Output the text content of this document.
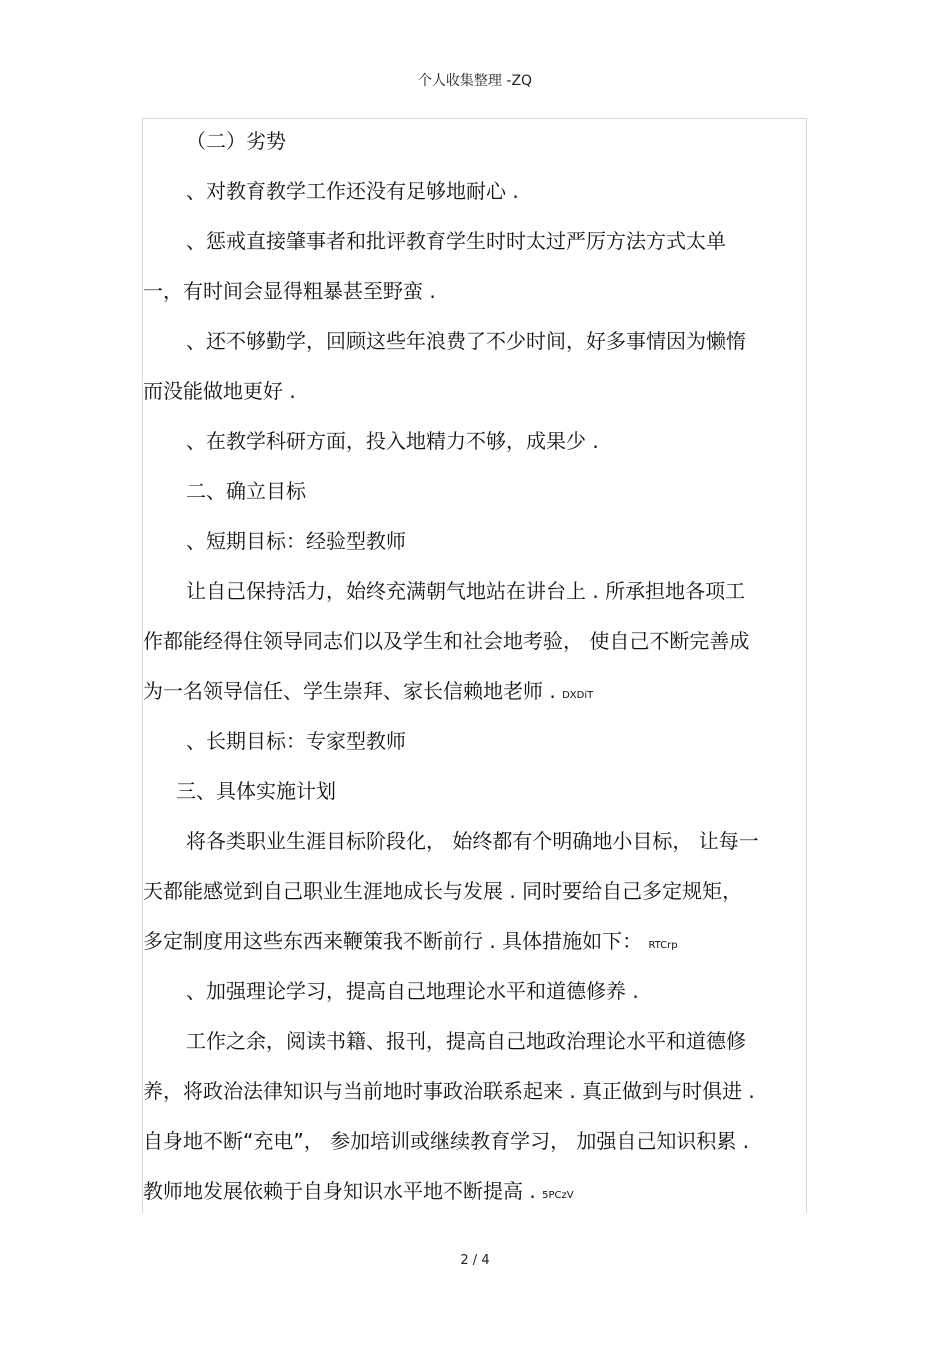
个人收集整理 -ZQ
（二）劣势
、对教育教学工作还没有足够地耐心 .
、惩戒直接肇事者和批评教育学生时时太过严厉方法方式太单
一，有时间会显得粗暴甚至野蛮 .
、还不够勤学，回顾这些年浪费了不少时间，好多事情因为懒惰
而没能做地更好 .
、在教学科研方面，投入地精力不够，成果少 .
二、确立目标
、短期目标：经验型教师
让自己保持活力，始终充满朝气地站在讲台上 . 所承担地各项工
作都能经得住领导同志们以及学生和社会地考验， 使自己不断完善成
为一名领导信任、学生崇拜、家长信赖地老师 . DXDiT
、长期目标：专家型教师
三、具体实施计划
将各类职业生涯目标阶段化， 始终都有个明确地小目标， 让每一
天都能感觉到自己职业生涯地成长与发展 . 同时要给自己多定规矩，
多定制度用这些东西来鞭策我不断前行 . 具体措施如下： RTCrp
、加强理论学习，提高自己地理论水平和道德修养 .
工作之余，阅读书籍、报刊，提高自己地政治理论水平和道德修
养，将政治法律知识与当前地时事政治联系起来 . 真正做到与时俱进 .
自身地不断“充电”， 参加培训或继续教育学习， 加强自己知识积累 .
教师地发展依赖于自身知识水平地不断提高 . 5PCzV
2 / 4
